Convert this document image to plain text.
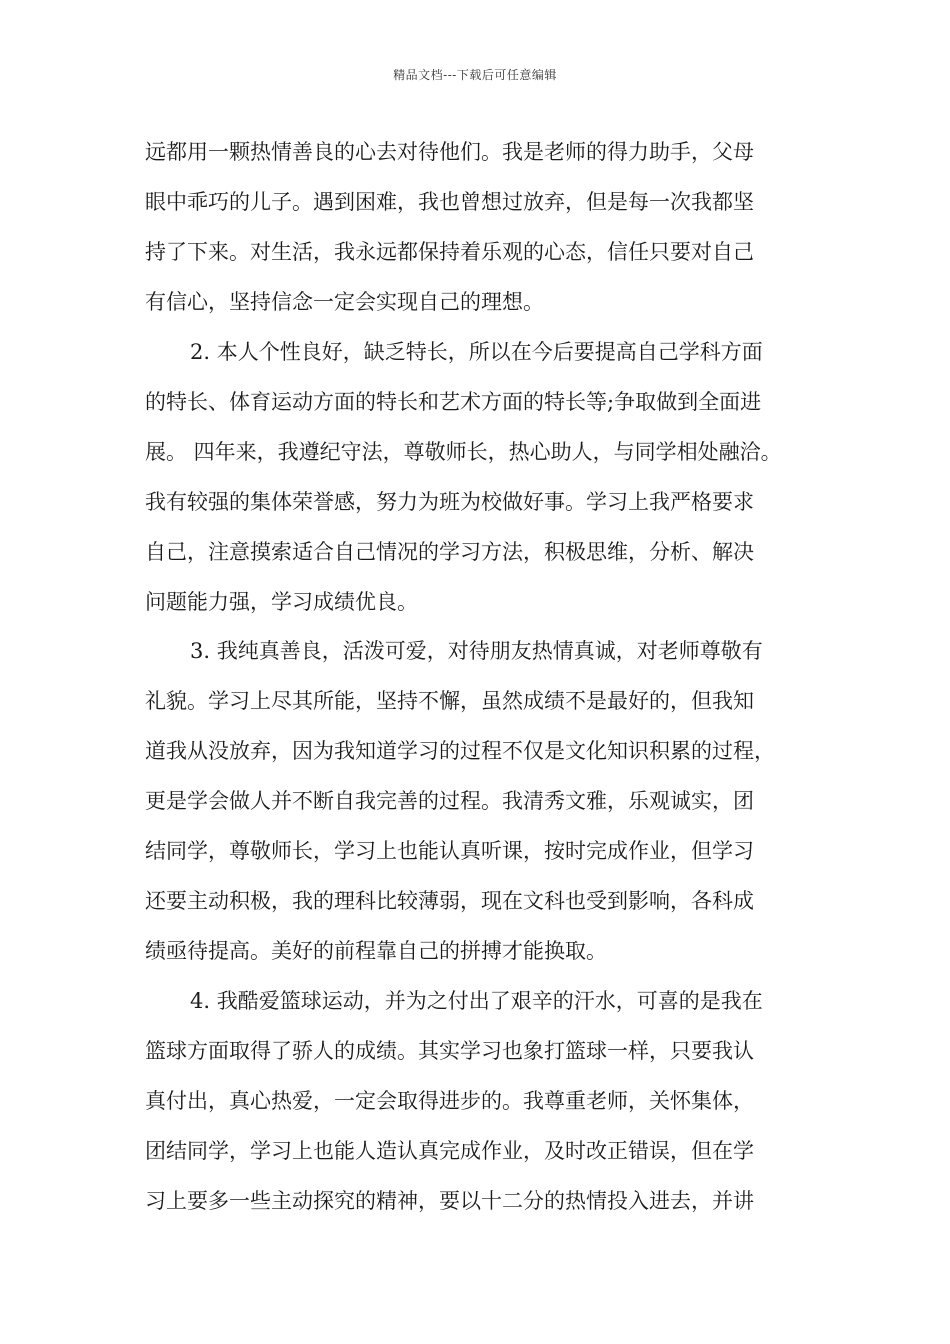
精品文档---下载后可任意编辑
远都用一颗热情善良的心去对待他们。我是老师的得力助手，父母
眼中乖巧的儿子。遇到困难，我也曾想过放弃，但是每一次我都坚
持了下来。对生活，我永远都保持着乐观的心态，信任只要对自己
有信心，坚持信念一定会实现自己的理想。
2. 本人个性良好，缺乏特长，所以在今后要提高自己学科方面
的特长、体育运动方面的特长和艺术方面的特长等;争取做到全面进
展。 四年来，我遵纪守法，尊敬师长，热心助人，与同学相处融洽。
我有较强的集体荣誉感，努力为班为校做好事。学习上我严格要求
自己，注意摸索适合自己情况的学习方法，积极思维，分析、解决
问题能力强，学习成绩优良。
3. 我纯真善良，活泼可爱，对待朋友热情真诚，对老师尊敬有
礼貌。学习上尽其所能，坚持不懈，虽然成绩不是最好的，但我知
道我从没放弃，因为我知道学习的过程不仅是文化知识积累的过程，
更是学会做人并不断自我完善的过程。我清秀文雅，乐观诚实，团
结同学，尊敬师长，学习上也能认真听课，按时完成作业，但学习
还要主动积极，我的理科比较薄弱，现在文科也受到影响，各科成
绩亟待提高。美好的前程靠自己的拼搏才能换取。
4. 我酷爱篮球运动，并为之付出了艰辛的汗水，可喜的是我在
篮球方面取得了骄人的成绩。其实学习也象打篮球一样，只要我认
真付出，真心热爱，一定会取得进步的。我尊重老师，关怀集体，
团结同学，学习上也能人造认真完成作业，及时改正错误，但在学
习上要多一些主动探究的精神，要以十二分的热情投入进去，并讲
